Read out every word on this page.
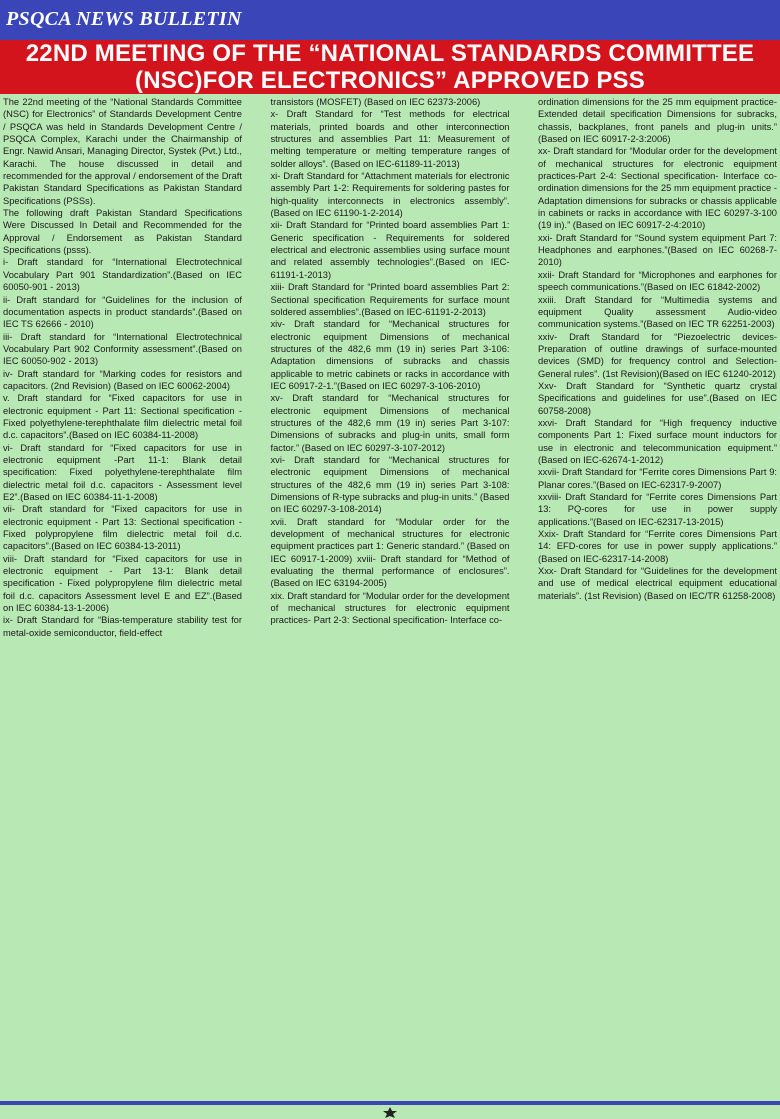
PSQCA NEWS BULLETIN
22ND MEETING OF THE “NATIONAL STANDARDS COMMITTEE
(NSC)FOR ELECTRONICS” APPROVED PSS

The 22nd meeting of the “National Standards Committee (NSC) for Electronics” of Standards Development Centre / PSQCA was held in Standards Development Centre / PSQCA Complex, Karachi under the Chairmanship of Engr. Nawid Ansari, Managing Director, Systek (Pvt.) Ltd., Karachi. The house discussed in detail and recommended for the approval / endorsement of the Draft Pakistan Standard Specifications as Pakistan Standard Specifications (PSSs).

The following draft Pakistan Standard Specifications Were Discussed In Detail and Recommended for the Approval / Endorsement as Pakistan Standard Specifications (psss).

i- Draft standard for “International Electrotechnical Vocabulary Part 901 Standardization”.(Based on IEC 60050-901 - 2013)

ii- Draft standard for “Guidelines for the inclusion of documentation aspects in product standards”.(Based on IEC TS 62666 - 2010)

iii- Draft standard for “International Electrotechnical Vocabulary Part 902 Conformity assessment”.(Based on IEC 60050-902 - 2013)

iv- Draft standard for “Marking codes for resistors and capacitors. (2nd Revision) (Based on IEC 60062-2004)

v. Draft standard for “Fixed capacitors for use in electronic equipment - Part 11: Sectional specification - Fixed polyethylene-terephthalate film dielectric metal foil d.c. capacitors”.(Based on IEC 60384-11-2008)

vi- Draft standard for “Fixed capacitors for use in electronic equipment -Part 11-1: Blank detail specification: Fixed polyethylene-terephthalate film dielectric metal foil d.c. capacitors - Assessment level E2”.(Based on IEC 60384-11-1-2008)

vii- Draft standard for “Fixed capacitors for use in electronic equipment - Part 13: Sectional specification - Fixed polypropylene film dielectric metal foil d.c. capacitors”.(Based on IEC 60384-13-2011)

viii- Draft standard for “Fixed capacitors for use in electronic equipment - Part 13-1: Blank detail specification - Fixed polypropylene film dielectric metal foil d.c. capacitors Assessment level E and EZ”.(Based on IEC 60384-13-1-2006)

ix- Draft Standard for “Bias-temperature stability test for metal-oxide semiconductor, field-effect

transistors (MOSFET) (Based on IEC 62373-2006)

x- Draft Standard for “Test methods for electrical materials, printed boards and other interconnection structures and assemblies Part 11: Measurement of melting temperature or melting temperature ranges of solder alloys”. (Based on IEC-61189-11-2013)

xi- Draft Standard for “Attachment materials for electronic assembly Part 1-2: Requirements for soldering pastes for high-quality interconnects in electronics assembly”.(Based on IEC 61190-1-2-2014)

xii- Draft Standard for “Printed board assemblies Part 1: Generic specification - Requirements for soldered electrical and electronic assemblies using surface mount and related assembly technologies”.(Based on IEC-61191-1-2013)

xiii- Draft Standard for “Printed board assemblies Part 2: Sectional specification Requirements for surface mount soldered assemblies”.(Based on IEC-61191-2-2013)

xiv- Draft standard for “Mechanical structures for electronic equipment Dimensions of mechanical structures of the 482,6 mm (19 in) series Part 3-106: Adaptation dimensions of subracks and chassis applicable to metric cabinets or racks in accordance with IEC 60917-2-1.”(Based on IEC 60297-3-106-2010)

xv- Draft standard for “Mechanical structures for electronic equipment Dimensions of mechanical structures of the 482,6 mm (19 in) series Part 3-107: Dimensions of subracks and plug-in units, small form factor.” (Based on IEC 60297-3-107-2012)

xvi- Draft standard for “Mechanical structures for electronic equipment Dimensions of mechanical structures of the 482,6 mm (19 in) series Part 3-108: Dimensions of R-type subracks and plug-in units.” (Based on IEC 60297-3-108-2014)

xvii. Draft standard for “Modular order for the development of mechanical structures for electronic equipment practices part 1: Generic standard.” (Based on IEC 60917-1-2009) xviii- Draft standard for “Method of evaluating the thermal performance of enclosures”. (Based on IEC 63194-2005)

xix. Draft standard for “Modular order for the development of mechanical structures for electronic equipment practices- Part 2-3: Sectional specification- Interface co-

ordination dimensions for the 25 mm equipment practice-Extended detail specification Dimensions for subracks, chassis, backplanes, front panels and plug-in units.” (Based on IEC 60917-2-3:2006)

xx- Draft standard for “Modular order for the development of mechanical structures for electronic equipment practices-Part 2-4: Sectional specification- Interface co-ordination dimensions for the 25 mm equipment practice - Adaptation dimensions for subracks or chassis applicable in cabinets or racks in accordance with IEC 60297-3-100 (19 in).” (Based on IEC 60917-2-4:2010)

xxi- Draft Standard for “Sound system equipment Part 7: Headphones and earphones.”(Based on IEC 60268-7-2010)

xxii- Draft Standard for “Microphones and earphones for speech communications.”(Based on IEC 61842-2002)

xxiii. Draft Standard for “Multimedia systems and equipment Quality assessment Audio-video communication systems.”(Based on IEC TR 62251-2003)

xxiv- Draft Standard for “Piezoelectric devices- Preparation of outline drawings of surface-mounted devices (SMD) for frequency control and Selection-General rules”. (1st Revision)(Based on IEC 61240-2012)

Xxv- Draft Standard for “Synthetic quartz crystal Specifications and guidelines for use”.(Based on IEC 60758-2008)

xxvi- Draft Standard for “High frequency inductive components Part 1: Fixed surface mount inductors for use in electronic and telecommunication equipment.” (Based on IEC-62674-1-2012)

xxvii- Draft Standard for “Ferrite cores Dimensions Part 9: Planar cores.”(Based on IEC-62317-9-2007)

xxviii- Draft Standard for “Ferrite cores Dimensions Part 13: PQ-cores for use in power supply applications.”(Based on IEC-62317-13-2015)

Xxix- Draft Standard for “Ferrite cores Dimensions Part 14: EFD-cores for use in power supply applications.” (Based on IEC-62317-14-2008)

Xxx- Draft Standard for “Guidelines for the development and use of medical electrical equipment educational materials”. (1st Revision) (Based on IEC/TR 61258-2008)
